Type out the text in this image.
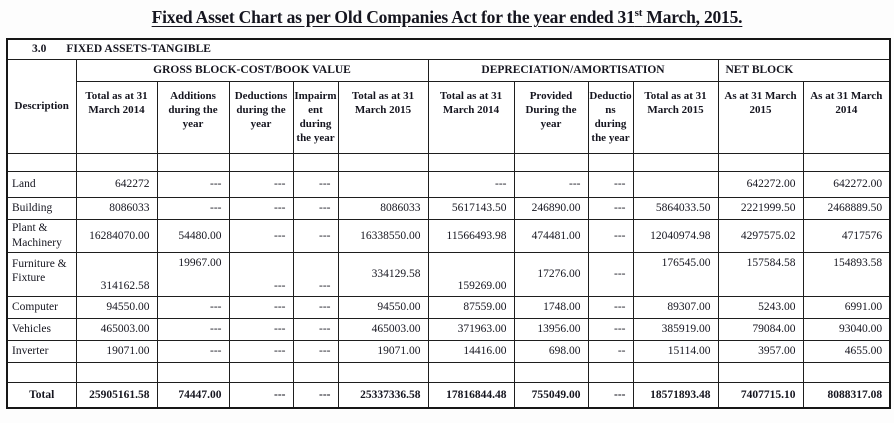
Fixed Asset Chart as per Old Companies Act for the year ended 31st March, 2015.
3.0 FIXED ASSETS-TANGIBLE											
Description	GROSS BLOCK-COST/BOOK VALUE					DEPRECIATION/AMORTISATION				NET BLOCK	
	Total as at 31 March 2014	Additions during the year	Deductions during the year	Impairment during the year	Total as at 31 March 2015	Total as at 31 March 2014	Provided During the year	Deductions during the year	Total as at 31 March 2015	As at 31 March 2015	As at 31 March 2014

Land	642272	---	---	---		---	---	---		642272.00	642272.00
Building	8086033	---	---	---	8086033	5617143.50	246890.00	---	5864033.50	2221999.50	2468889.50
Plant & Machinery	16284070.00	54480.00	---	---	16338550.00	11566493.98	474481.00	---	12040974.98	4297575.02	4717576
Furniture & Fixture	314162.58	19967.00	---	---	334129.58	159269.00	17276.00	---	176545.00	157584.58	154893.58
Computer	94550.00	---	---	---	94550.00	87559.00	1748.00	---	89307.00	5243.00	6991.00
Vehicles	465003.00	---	---	---	465003.00	371963.00	13956.00	---	385919.00	79084.00	93040.00
Inverter	19071.00	---	---	---	19071.00	14416.00	698.00	--	15114.00	3957.00	4655.00

Total	25905161.58	74447.00	---	---	25337336.58	17816844.48	755049.00	---	18571893.48	7407715.10	8088317.08
